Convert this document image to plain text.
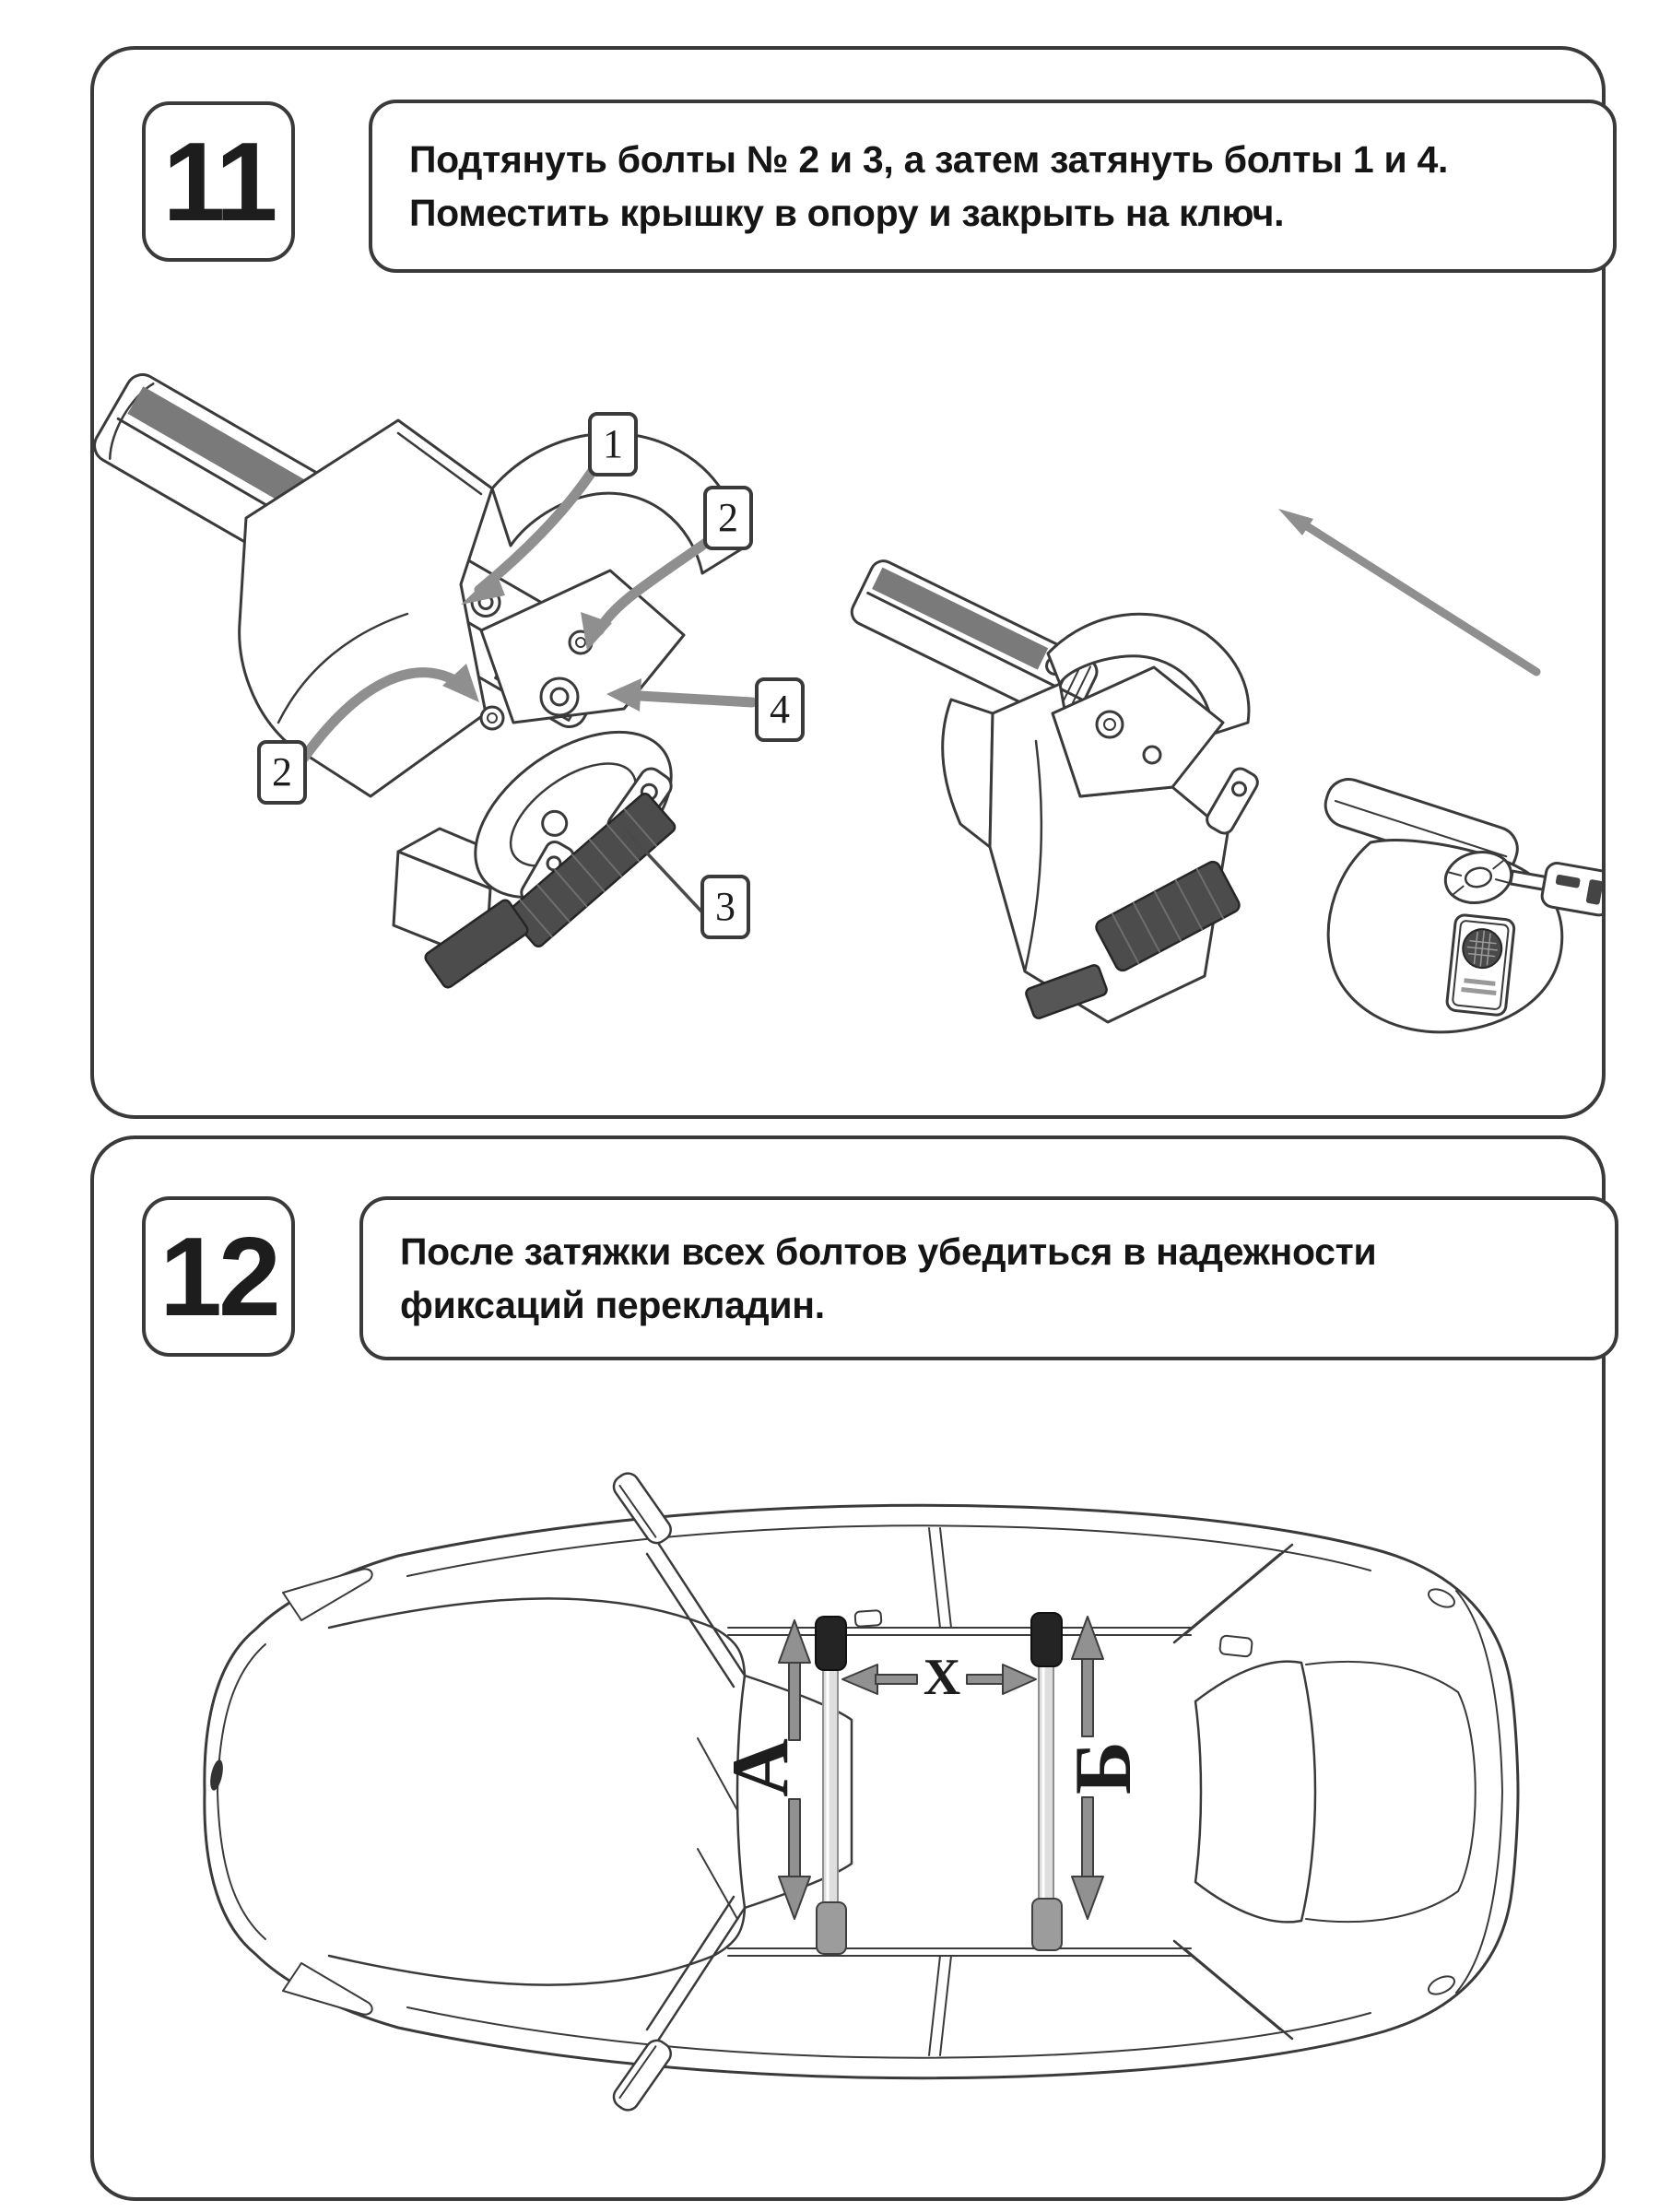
11	Подтянуть болты № 2 и 3, а затем затянуть болты 1 и 4.
Поместить крышку в опору и закрыть на ключ.
1
2
2
3
4
12	После затяжки всех болтов убедиться в надежности
фиксаций перекладин.
А	Б
X
